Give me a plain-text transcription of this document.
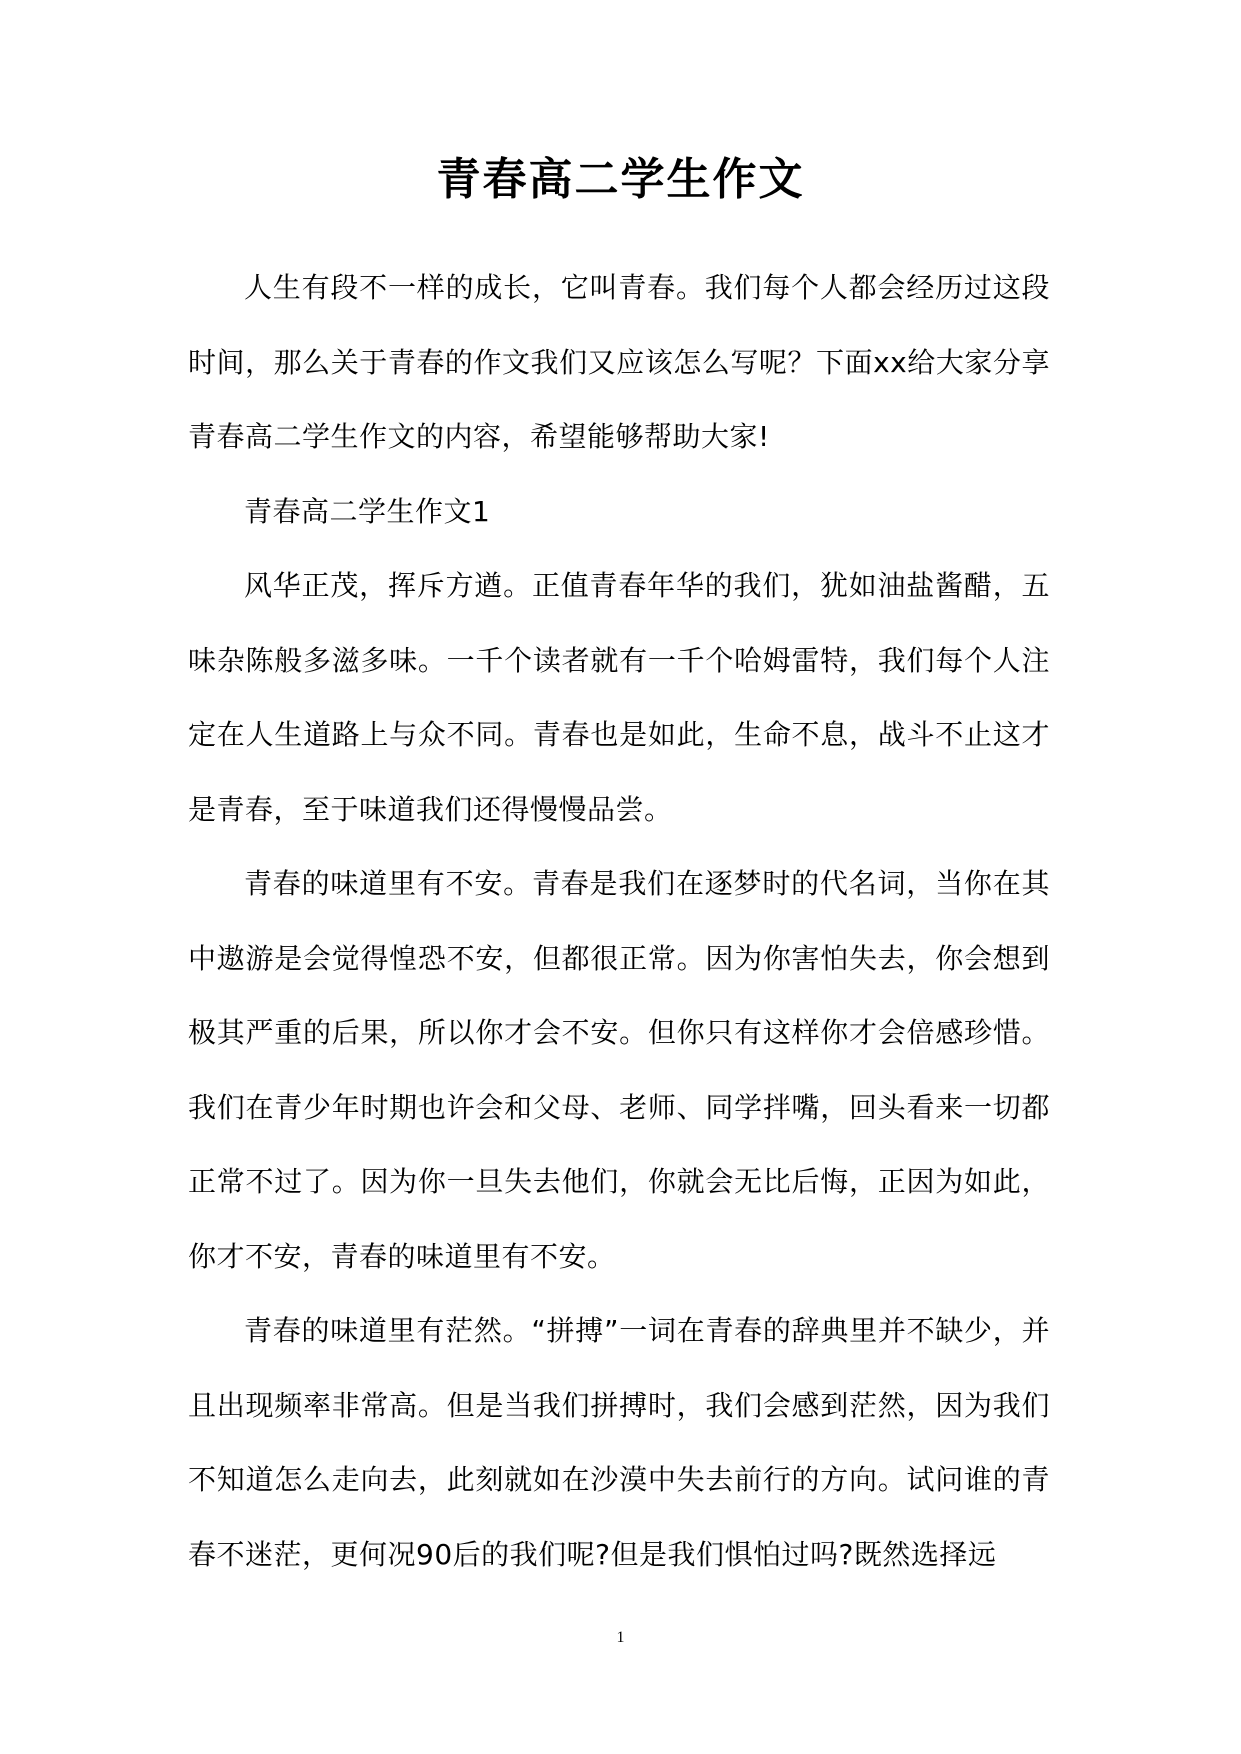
青春高二学生作文

人生有段不一样的成长，它叫青春。我们每个人都会经历过这段时间，那么关于青春的作文我们又应该怎么写呢？下面xx给大家分享青春高二学生作文的内容，希望能够帮助大家!

青春高二学生作文1

风华正茂，挥斥方遒。正值青春年华的我们，犹如油盐酱醋，五味杂陈般多滋多味。一千个读者就有一千个哈姆雷特，我们每个人注定在人生道路上与众不同。青春也是如此，生命不息，战斗不止这才是青春，至于味道我们还得慢慢品尝。

青春的味道里有不安。青春是我们在逐梦时的代名词，当你在其中遨游是会觉得惶恐不安，但都很正常。因为你害怕失去，你会想到极其严重的后果，所以你才会不安。但你只有这样你才会倍感珍惜。我们在青少年时期也许会和父母、老师、同学拌嘴，回头看来一切都正常不过了。因为你一旦失去他们，你就会无比后悔，正因为如此，你才不安，青春的味道里有不安。

青春的味道里有茫然。“拼搏”一词在青春的辞典里并不缺少，并且出现频率非常高。但是当我们拼搏时，我们会感到茫然，因为我们不知道怎么走向去，此刻就如在沙漠中失去前行的方向。试问谁的青春不迷茫，更何况90后的我们呢?但是我们惧怕过吗?既然选择远

1
